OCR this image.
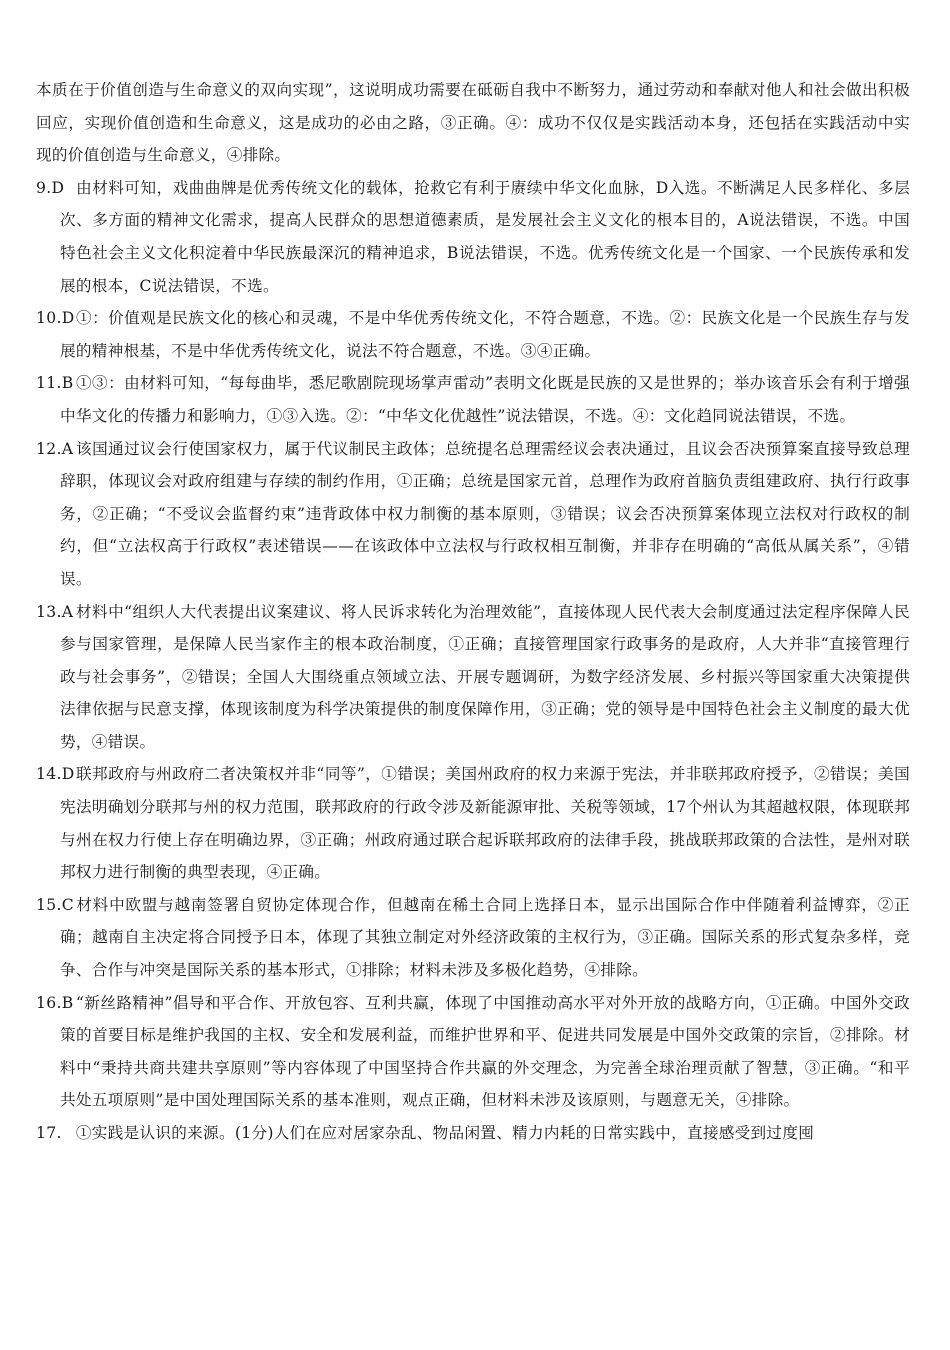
本质在于价值创造与生命意义的双向实现”，这说明成功需要在砥砺自我中不断努力，通过劳动和奉献对他人和社会做出积极回应，实现价值创造和生命意义，这是成功的必由之路，③正确。④：成功不仅仅是实践活动本身，还包括在实践活动中实现的价值创造与生命意义，④排除。

9.D
  由材料可知，戏曲曲牌是优秀传统文化的载体，抢救它有利于赓续中华文化血脉，D入选。不断满足人民多样化、多层次、多方面的精神文化需求，提高人民群众的思想道德素质，是发展社会主义文化的根本目的，A说法错误，不选。中国特色社会主义文化积淀着中华民族最深沉的精神追求，B说法错误，不选。优秀传统文化是一个国家、一个民族传承和发展的根本，C说法错误，不选。
10.D
  ①：价值观是民族文化的核心和灵魂，不是中华优秀传统文化，不符合题意，不选。②：民族文化是一个民族生存与发展的精神根基，不是中华优秀传统文化，说法不符合题意，不选。③④正确。
11.B
  ①③：由材料可知，“每每曲毕，悉尼歌剧院现场掌声雷动”表明文化既是民族的又是世界的；举办该音乐会有利于增强中华文化的传播力和影响力，①③入选。②：“中华文化优越性”说法错误，不选。④：文化趋同说法错误，不选。
12.A
  该国通过议会行使国家权力，属于代议制民主政体；总统提名总理需经议会表决通过，且议会否决预算案直接导致总理辞职，体现议会对政府组建与存续的制约作用，①正确；总统是国家元首，总理作为政府首脑负责组建政府、执行行政事务，②正确；“不受议会监督约束”违背政体中权力制衡的基本原则，③错误；议会否决预算案体现立法权对行政权的制约，但“立法权高于行政权”表述错误——在该政体中立法权与行政权相互制衡，并非存在明确的“高低从属关系”，④错误。
13.A
  材料中“组织人大代表提出议案建议、将人民诉求转化为治理效能”，直接体现人民代表大会制度通过法定程序保障人民参与国家管理，是保障人民当家作主的根本政治制度，①正确；直接管理国家行政事务的是政府，人大并非“直接管理行政与社会事务”，②错误；全国人大围绕重点领域立法、开展专题调研，为数字经济发展、乡村振兴等国家重大决策提供法律依据与民意支撑，体现该制度为科学决策提供的制度保障作用，③正确；党的领导是中国特色社会主义制度的最大优势，④错误。
14.D
  联邦政府与州政府二者决策权并非“同等”，①错误；美国州政府的权力来源于宪法，并非联邦政府授予，②错误；美国宪法明确划分联邦与州的权力范围，联邦政府的行政令涉及新能源审批、关税等领域，17个州认为其超越权限，体现联邦与州在权力行使上存在明确边界，③正确；州政府通过联合起诉联邦政府的法律手段，挑战联邦政策的合法性，是州对联邦权力进行制衡的典型表现，④正确。
15.C
  材料中欧盟与越南签署自贸协定体现合作，但越南在稀土合同上选择日本，显示出国际合作中伴随着利益博弈，②正确；越南自主决定将合同授予日本，体现了其独立制定对外经济政策的主权行为，③正确。国际关系的形式复杂多样，竞争、合作与冲突是国际关系的基本形式，①排除；材料未涉及多极化趋势，④排除。
16.B
  “新丝路精神”倡导和平合作、开放包容、互利共赢，体现了中国推动高水平对外开放的战略方向，①正确。中国外交政策的首要目标是维护我国的主权、安全和发展利益，而维护世界和平、促进共同发展是中国外交政策的宗旨，②排除。材料中“秉持共商共建共享原则”等内容体现了中国坚持合作共赢的外交理念，为完善全球治理贡献了智慧，③正确。“和平共处五项原则”是中国处理国际关系的基本准则，观点正确，但材料未涉及该原则，与题意无关，④排除。
17.
  ①实践是认识的来源。(1分)人们在应对居家杂乱、物品闲置、精力内耗的日常实践中，直接感受到过度囤
